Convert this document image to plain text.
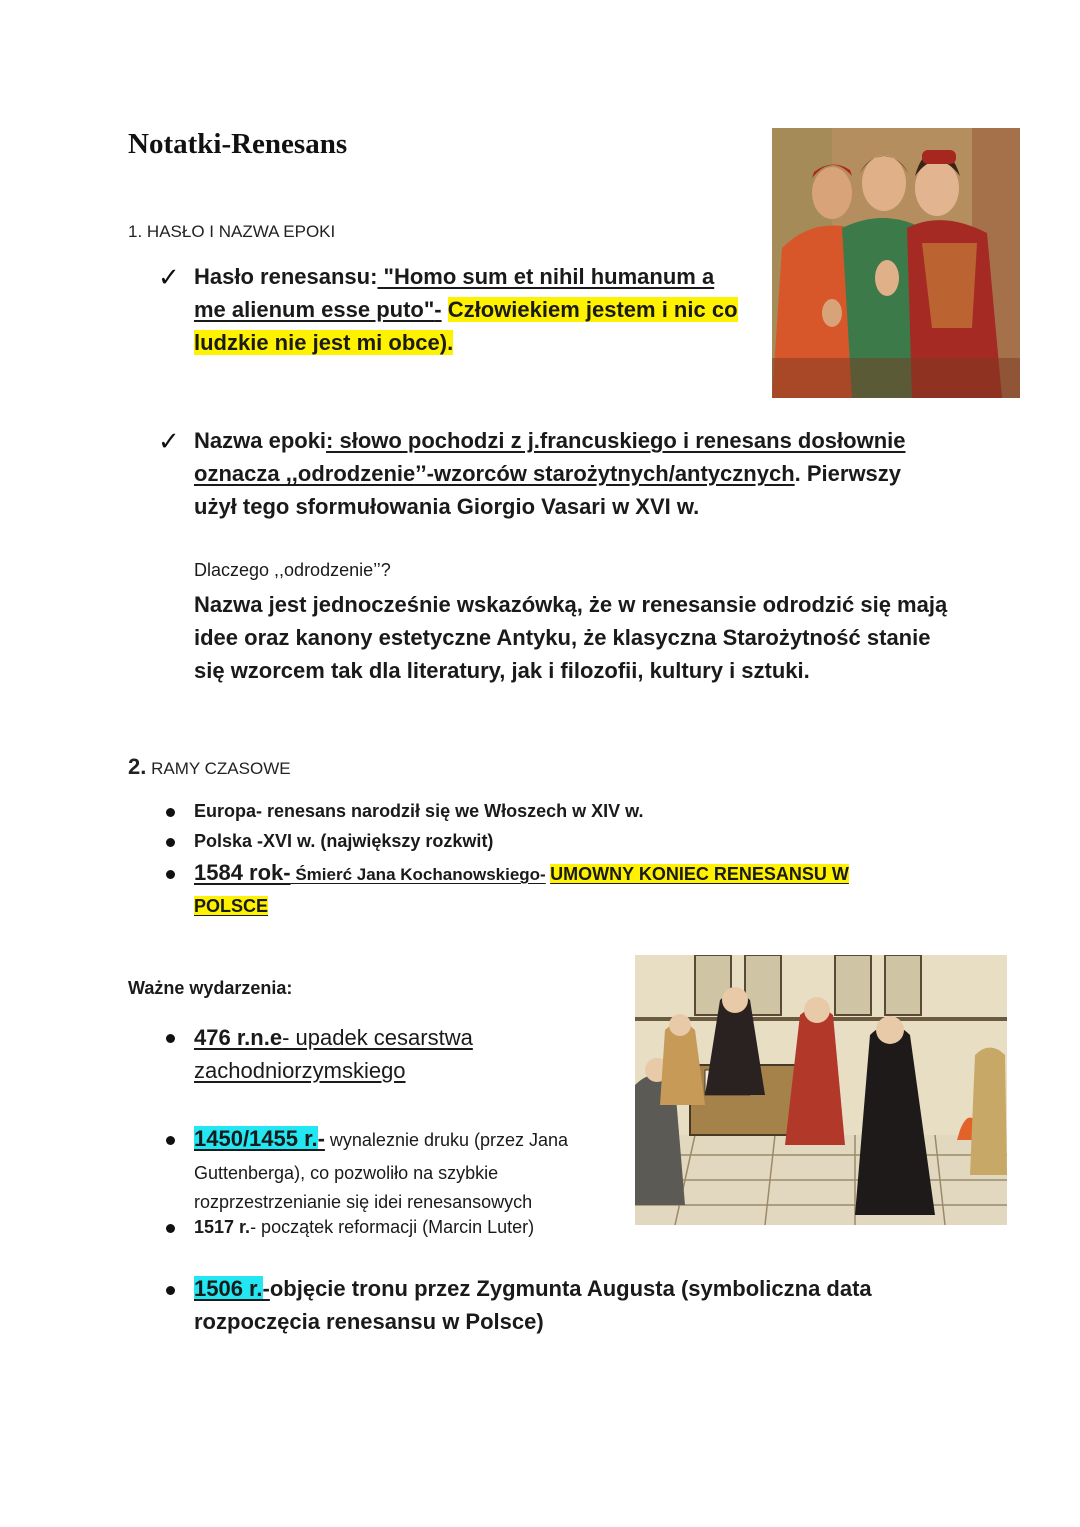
Notatki-Renesans
1. HASŁO I NAZWA EPOKI
✓ Hasło renesansu: "Homo sum et nihil humanum a
me alienum esse puto"- Człowiekiem jestem i nic co
ludzkie nie jest mi obce).
✓ Nazwa epoki: słowo pochodzi z j.francuskiego i renesans dosłownie
oznacza ,,odrodzenie’’-wzorców starożytnych/antycznych. Pierwszy
użył tego sformułowania Giorgio Vasari w XVI w.
Dlaczego ,,odrodzenie’’?
Nazwa jest jednocześnie wskazówką, że w renesansie odrodzić się mają
idee oraz kanony estetyczne Antyku, że klasyczna Starożytność stanie
się wzorcem tak dla literatury, jak i filozofii, kultury i sztuki.
2. RAMY CZASOWE
Europa- renesans narodził się we Włoszech w XIV w.
Polska -XVI w. (największy rozkwit)
1584 rok- Śmierć Jana Kochanowskiego- UMOWNY KONIEC RENESANSU W
POLSCE
Ważne wydarzenia:
476 r.n.e- upadek cesarstwa
zachodniorzymskiego
1450/1455 r.- wynaleznie druku (przez Jana
Guttenberga), co pozwoliło na szybkie
rozprzestrzenianie się idei renesansowych
1517 r.- początek reformacji (Marcin Luter)
1506 r.-objęcie tronu przez Zygmunta Augusta (symboliczna data
rozpoczęcia renesansu w Polsce)
